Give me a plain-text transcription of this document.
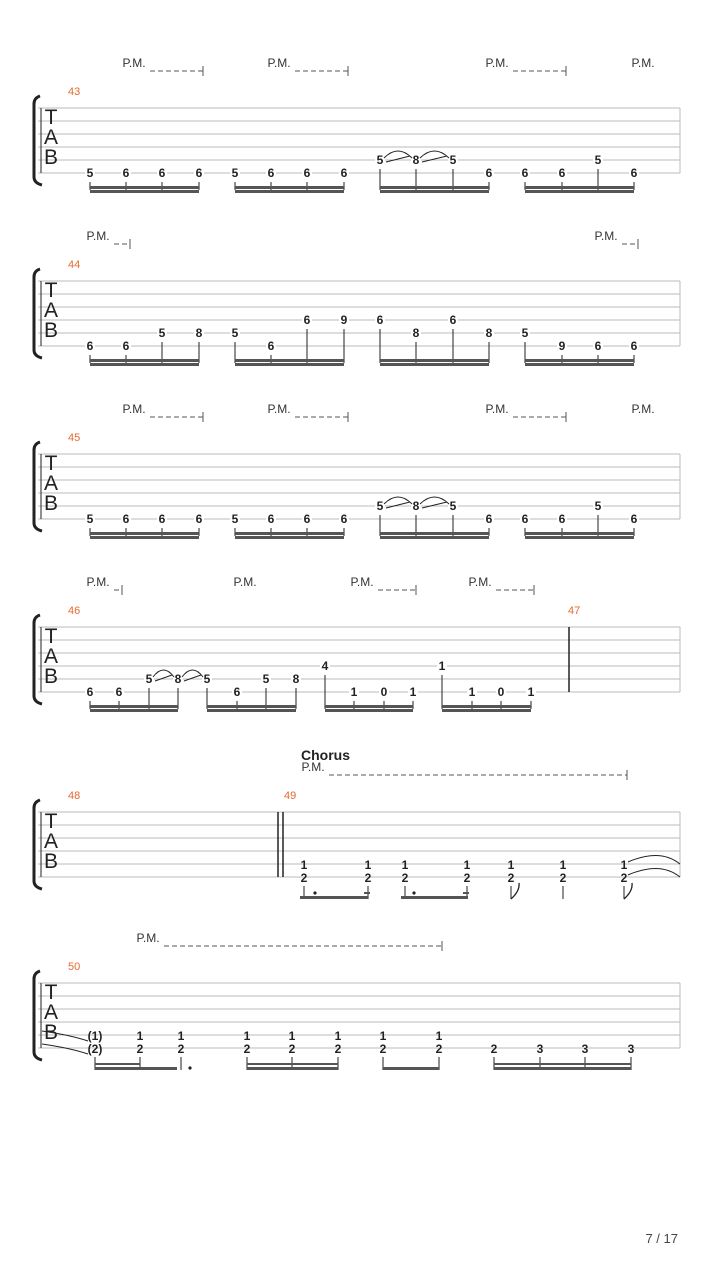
T
A
B
43
P.M.	P.M.	P.M.	P.M.
5 6 6	6 5 6 6	6
5 8	5
6 6	6
5
6
T
A
B
44
P.M.	P.M.
6 6
5	8 5
6
6	9 6
8
6
8 5
9 6 6
T
A
B
45
P.M.	P.M.	P.M.	P.M.
5 6 6	6 5 6 6	6
5 8	5
6 6	6
5
6
T
A
B
46
P.M.	P.M.	P.M.	P.M.
6 6
5 8 5
6
5 8
4
1 0 1
1
1 0 1
47
T
A
B
Chorus
48	49
P.M.
1
2
1
2
1
2
1
2
1
2
1
2
1
2
T
A
B
50
P.M.
(1)
(2)
1
2
1
2
1
2
1
2
1
2
1
2
1
2	2	3	3	3
7 / 17
